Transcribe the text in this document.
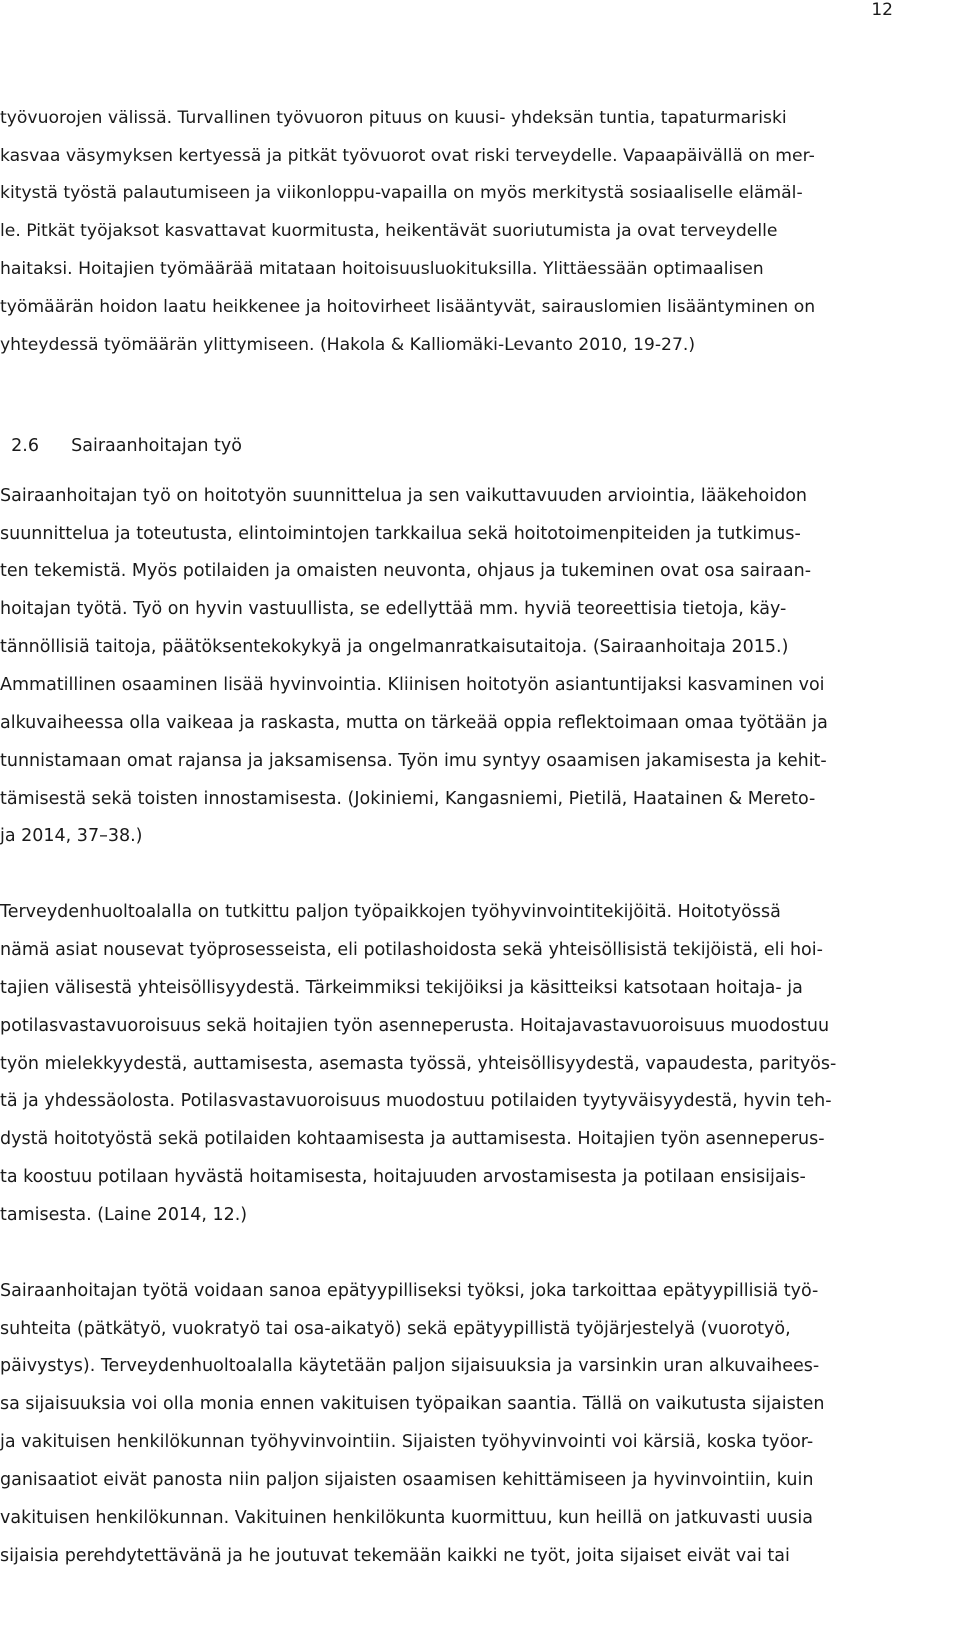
12
työvuorojen välissä. Turvallinen työvuoron pituus on kuusi- yhdeksän tuntia, tapaturmariski
kasvaa väsymyksen kertyessä ja pitkät työvuorot ovat riski terveydelle. Vapaapäivällä on mer-
kitystä työstä palautumiseen ja viikonloppu-vapailla on myös merkitystä sosiaaliselle elämäl-
le. Pitkät työjaksot kasvattavat kuormitusta, heikentävät suoriutumista ja ovat terveydelle
haitaksi. Hoitajien työmäärää mitataan hoitoisuusluokituksilla. Ylittäessään optimaalisen
työmäärän hoidon laatu heikkenee ja hoitovirheet lisääntyvät, sairauslomien lisääntyminen on
yhteydessä työmäärän ylittymiseen. (Hakola & Kalliomäki-Levanto 2010, 19-27.)

2.6 Sairaanhoitajan työ

Sairaanhoitajan työ on hoitotyön suunnittelua ja sen vaikuttavuuden arviointia, lääkehoidon
suunnittelua ja toteutusta, elintoimintojen tarkkailua sekä hoitotoimenpiteiden ja tutkimus-
ten tekemistä. Myös potilaiden ja omaisten neuvonta, ohjaus ja tukeminen ovat osa sairaan-
hoitajan työtä. Työ on hyvin vastuullista, se edellyttää mm. hyviä teoreettisia tietoja, käy-
tännöllisiä taitoja, päätöksentekokykyä ja ongelmanratkaisutaitoja. (Sairaanhoitaja 2015.)
Ammatillinen osaaminen lisää hyvinvointia. Kliinisen hoitotyön asiantuntijaksi kasvaminen voi
alkuvaiheessa olla vaikeaa ja raskasta, mutta on tärkeää oppia reflektoimaan omaa työtään ja
tunnistamaan omat rajansa ja jaksamisensa. Työn imu syntyy osaamisen jakamisesta ja kehit-
tämisestä sekä toisten innostamisesta. (Jokiniemi, Kangasniemi, Pietilä, Haatainen & Mereto-
ja 2014, 37–38.)
Terveydenhuoltoalalla on tutkittu paljon työpaikkojen työhyvinvointitekijöitä. Hoitotyössä
nämä asiat nousevat työprosesseista, eli potilashoidosta sekä yhteisöllisistä tekijöistä, eli hoi-
tajien välisestä yhteisöllisyydestä. Tärkeimmiksi tekijöiksi ja käsitteiksi katsotaan hoitaja- ja
potilasvastavuoroisuus sekä hoitajien työn asenneperusta. Hoitajavastavuoroisuus muodostuu
työn mielekkyydestä, auttamisesta, asemasta työssä, yhteisöllisyydestä, vapaudesta, parityös-
tä ja yhdessäolosta. Potilasvastavuoroisuus muodostuu potilaiden tyytyväisyydestä, hyvin teh-
dystä hoitotyöstä sekä potilaiden kohtaamisesta ja auttamisesta. Hoitajien työn asenneperus-
ta koostuu potilaan hyvästä hoitamisesta, hoitajuuden arvostamisesta ja potilaan ensisijais-
tamisesta. (Laine 2014, 12.)
Sairaanhoitajan työtä voidaan sanoa epätyypilliseksi työksi, joka tarkoittaa epätyypillisiä työ-
suhteita (pätkätyö, vuokratyö tai osa-aikatyö) sekä epätyypillistä työjärjestelyä (vuorotyö,
päivystys). Terveydenhuoltoalalla käytetään paljon sijaisuuksia ja varsinkin uran alkuvaihees-
sa sijaisuuksia voi olla monia ennen vakituisen työpaikan saantia. Tällä on vaikutusta sijaisten
ja vakituisen henkilökunnan työhyvinvointiin. Sijaisten työhyvinvointi voi kärsiä, koska työor-
ganisaatiot eivät panosta niin paljon sijaisten osaamisen kehittämiseen ja hyvinvointiin, kuin
vakituisen henkilökunnan. Vakituinen henkilökunta kuormittuu, kun heillä on jatkuvasti uusia
sijaisia perehdytettävänä ja he joutuvat tekemään kaikki ne työt, joita sijaiset eivät vai tai
